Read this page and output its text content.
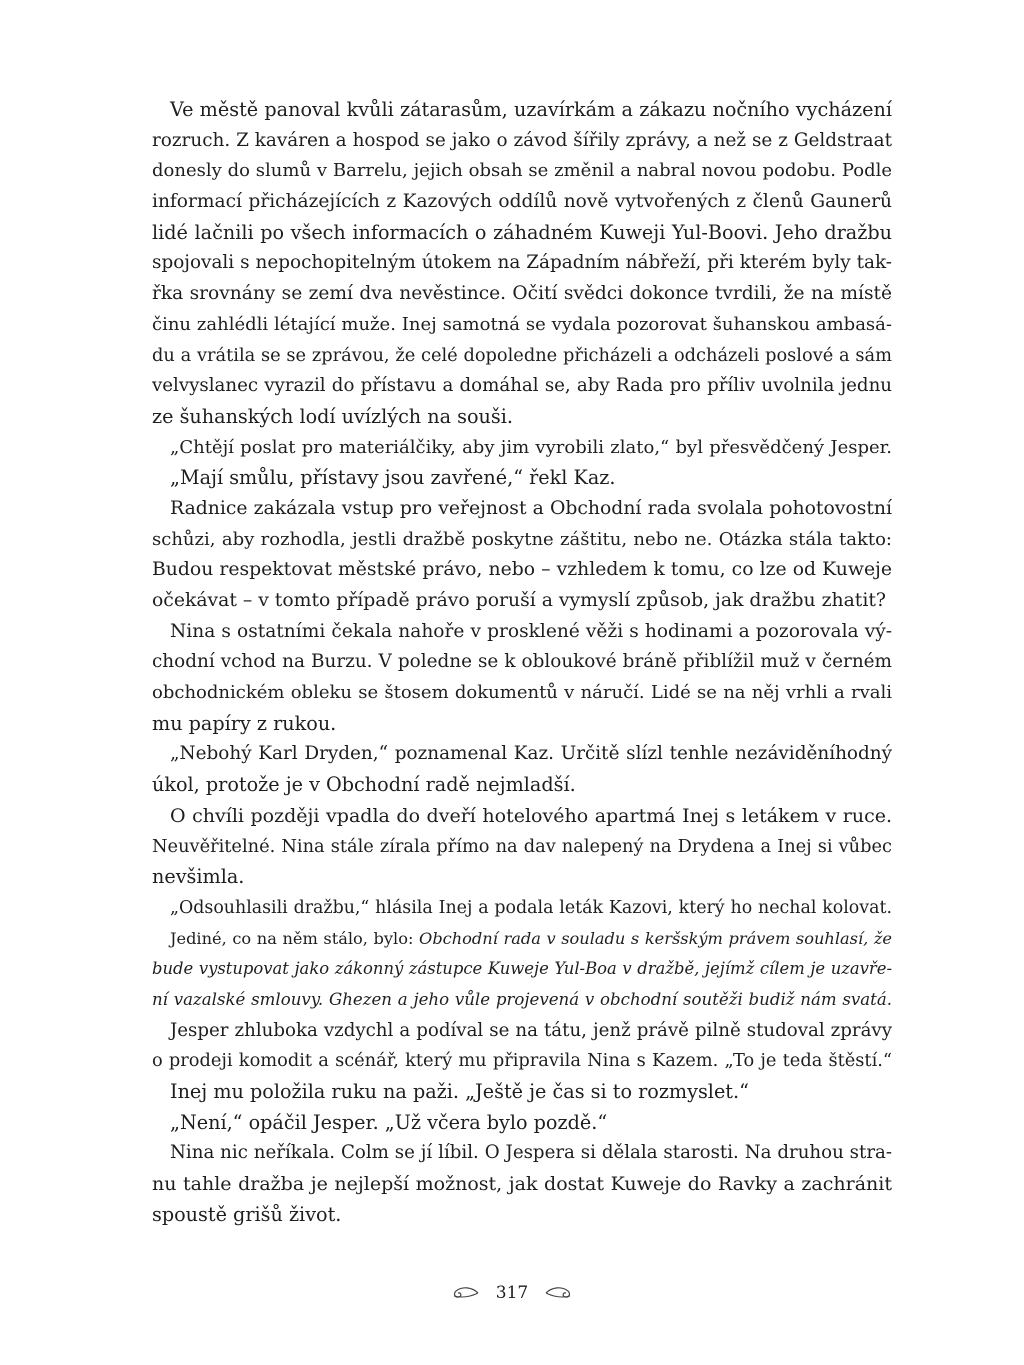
Ve městě panoval kvůli zátarasům, uzavírkám a zákazu nočního vycházení
rozruch. Z kaváren a hospod se jako o závod šířily zprávy, a než se z Geldstraat
donesly do slumů v Barrelu, jejich obsah se změnil a nabral novou podobu. Podle
informací přicházejících z Kazových oddílů nově vytvořených z členů Gaunerů
lidé lačnili po všech informacích o záhadném Kuweji Yul-Boovi. Jeho dražbu
spojovali s nepochopitelným útokem na Západním nábřeží, při kterém byly tak-
řka srovnány se zemí dva nevěstince. Očití svědci dokonce tvrdili, že na místě
činu zahlédli létající muže. Inej samotná se vydala pozorovat šuhanskou ambasá-
du a vrátila se se zprávou, že celé dopoledne přicházeli a odcházeli poslové a sám
velvyslanec vyrazil do přístavu a domáhal se, aby Rada pro příliv uvolnila jednu
ze šuhanských lodí uvízlých na souši.
„Chtějí poslat pro materiálčiky, aby jim vyrobili zlato,“ byl přesvědčený Jesper.
„Mají smůlu, přístavy jsou zavřené,“ řekl Kaz.
Radnice zakázala vstup pro veřejnost a Obchodní rada svolala pohotovostní
schůzi, aby rozhodla, jestli dražbě poskytne záštitu, nebo ne. Otázka stála takto:
Budou respektovat městské právo, nebo – vzhledem k tomu, co lze od Kuweje
očekávat – v tomto případě právo poruší a vymyslí způsob, jak dražbu zhatit?
Nina s ostatními čekala nahoře v prosklené věži s hodinami a pozorovala vý-
chodní vchod na Burzu. V poledne se k obloukové bráně přiblížil muž v černém
obchodnickém obleku se štosem dokumentů v náručí. Lidé se na něj vrhli a rvali
mu papíry z rukou.
„Nebohý Karl Dryden,“ poznamenal Kaz. Určitě slízl tenhle nezáviděníhodný
úkol, protože je v Obchodní radě nejmladší.
O chvíli později vpadla do dveří hotelového apartmá Inej s letákem v ruce.
Neuvěřitelné. Nina stále zírala přímo na dav nalepený na Drydena a Inej si vůbec
nevšimla.
„Odsouhlasili dražbu,“ hlásila Inej a podala leták Kazovi, který ho nechal kolovat.
Jediné, co na něm stálo, bylo: Obchodní rada v souladu s keršským právem souhlasí, že
bude vystupovat jako zákonný zástupce Kuweje Yul-Boa v dražbě, jejímž cílem je uzavře-
ní vazalské smlouvy. Ghezen a jeho vůle projevená v obchodní soutěži budiž nám svatá.
Jesper zhluboka vzdychl a podíval se na tátu, jenž právě pilně studoval zprávy
o prodeji komodit a scénář, který mu připravila Nina s Kazem. „To je teda štěstí.“
Inej mu položila ruku na paži. „Ještě je čas si to rozmyslet.“
„Není,“ opáčil Jesper. „Už včera bylo pozdě.“
Nina nic neříkala. Colm se jí líbil. O Jespera si dělala starosti. Na druhou stra-
nu tahle dražba je nejlepší možnost, jak dostat Kuweje do Ravky a zachránit
spoustě grišů život.
317
